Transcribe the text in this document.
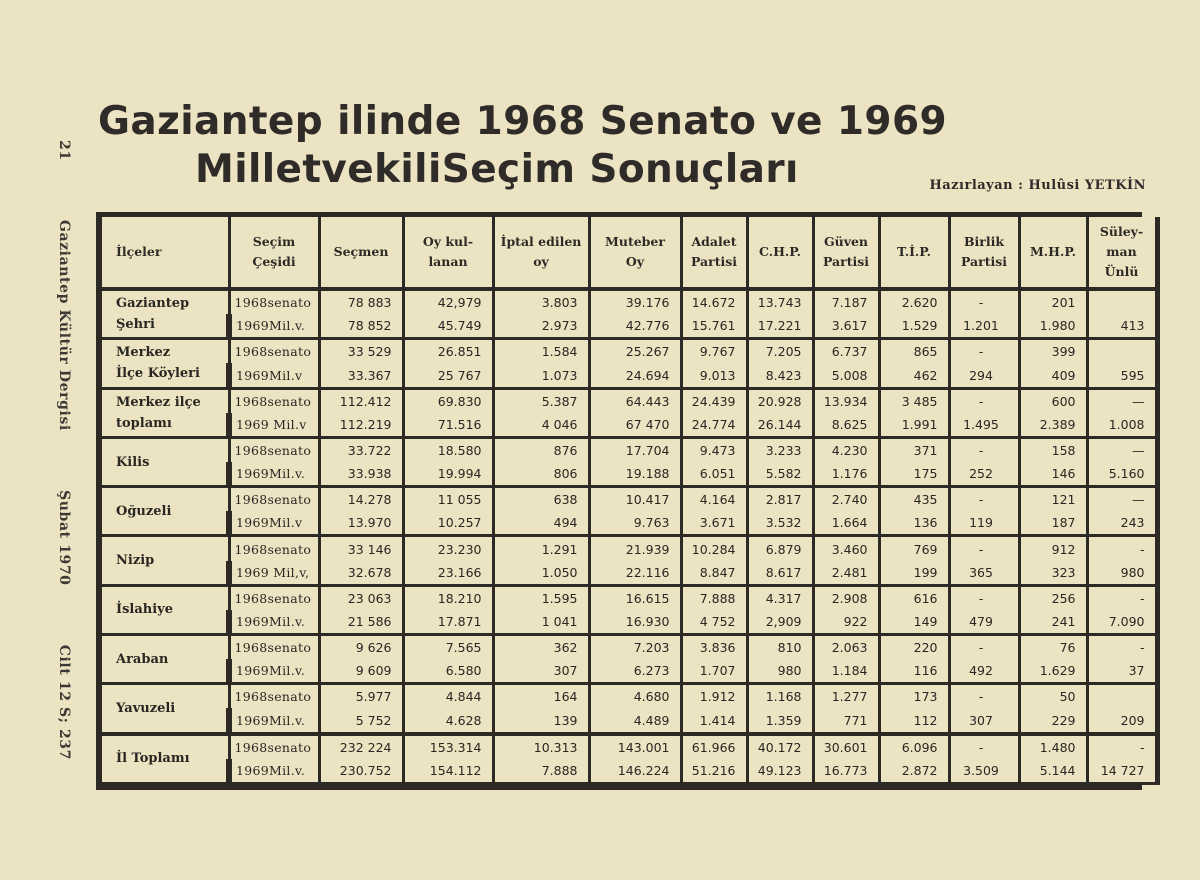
21
Gaziantep Kültür Dergisi
Şubat 1970
Cilt 12 S; 237
Gaziantep ilinde 1968 Senato ve 1969
MilletvekiliSeçim Sonuçları	Hazırlayan : Hulûsi YETKİN
İlçeler	Seçim Çeşidi	Seçmen	Oy kul- lanan	İptal edilen oy	Muteber Oy	Adalet Partisi	C.H.P.	Güven Partisi	T.İ.P.	Birlik Partisi	M.H.P.	Süley- man Ünlü

Gaziantep
Şehri	1968senato	78 883	42,979	3.803	39.176	14.672	13.743	7.187	2.620	-	201	
	1969Mil.v.	78 852	45.749	2.973	42.776	15.761	17.221	3.617	1.529	1.201	1.980	413

Merkez
İlçe Köyleri	1968senato	33 529	26.851	1.584	25.267	9.767	7.205	6.737	865	-	399	
	1969Mil.v	33.367	25 767	1.073	24.694	9.013	8.423	5.008	462	294	409	595

Merkez ilçe
toplamı	1968senato	112.412	69.830	5.387	64.443	24.439	20.928	13.934	3 485	-	600	—
	1969 Mil.v	112.219	71.516	4 046	67 470	24.774	26.144	8.625	1.991	1.495	2.389	1.008

Kilis	1968senato	33.722	18.580	876	17.704	9.473	3.233	4.230	371	-	158	—
	1969Mil.v.	33.938	19.994	806	19.188	6.051	5.582	1.176	175	252	146	5.160

Oğuzeli	1968senato	14.278	11 055	638	10.417	4.164	2.817	2.740	435	-	121	—
	1969Mil.v	13.970	10.257	494	9.763	3.671	3.532	1.664	136	119	187	243

Nizip	1968senato	33 146	23.230	1.291	21.939	10.284	6.879	3.460	769	-	912	-
	1969 Mil,v,	32.678	23.166	1.050	22.116	8.847	8.617	2.481	199	365	323	980

İslahiye	1968senato	23 063	18.210	1.595	16.615	7.888	4.317	2.908	616	-	256	-
	1969Mil.v.	21 586	17.871	1 041	16.930	4 752	2,909	922	149	479	241	7.090

Araban	1968senato	9 626	7.565	362	7.203	3.836	810	2.063	220	-	76	-
	1969Mil.v.	9 609	6.580	307	6.273	1.707	980	1.184	116	492	1.629	37

Yavuzeli	1968senato	5.977	4.844	164	4.680	1.912	1.168	1.277	173	-	50	
	1969Mil.v.	5 752	4.628	139	4.489	1.414	1.359	771	112	307	229	209

İl Toplamı	1968senato	232 224	153.314	10.313	143.001	61.966	40.172	30.601	6.096	-	1.480	-
	1969Mil.v.	230.752	154.112	7.888	146.224	51.216	49.123	16.773	2.872	3.509	5.144	14 727
